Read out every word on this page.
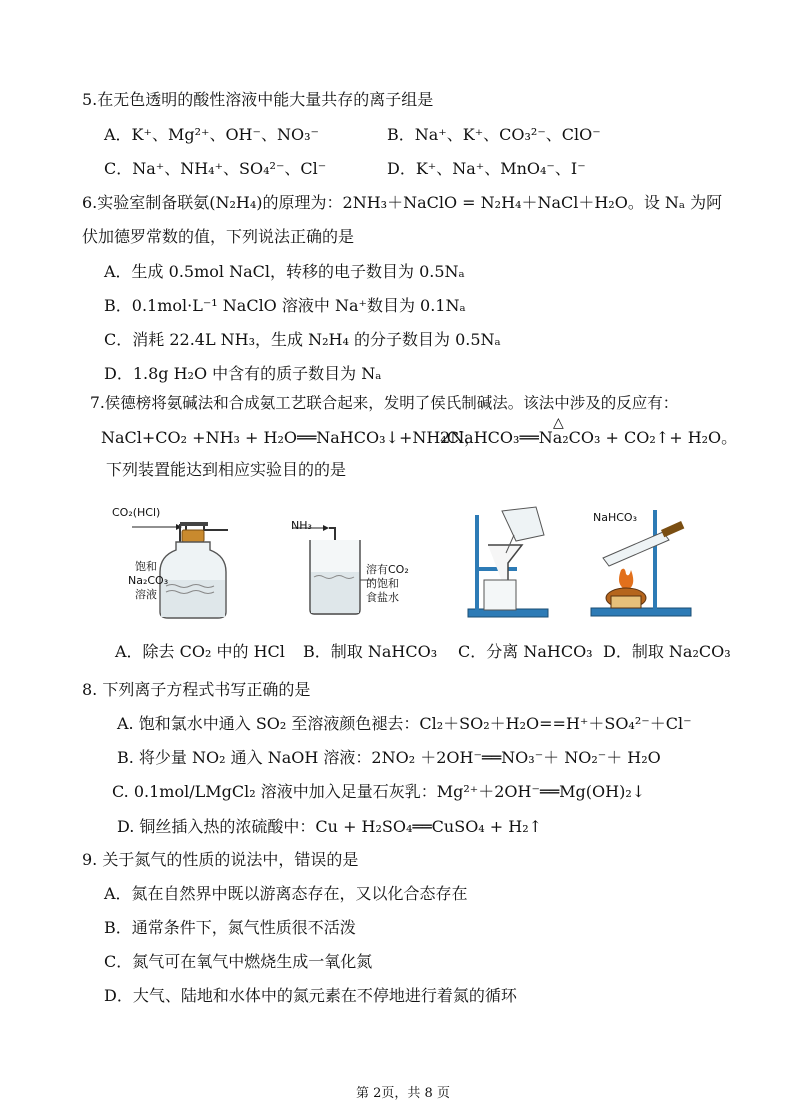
5.在无色透明的酸性溶液中能大量共存的离子组是
A．K⁺、Mg²⁺、OH⁻、NO₃⁻	B．Na⁺、K⁺、CO₃²⁻、ClO⁻
C．Na⁺、NH₄⁺、SO₄²⁻、Cl⁻	D．K⁺、Na⁺、MnO₄⁻、I⁻
6.实验室制备联氨(N₂H₄)的原理为：2NH₃＋NaClO = N₂H₄＋NaCl＋H₂O。设 Nₐ 为阿
伏加德罗常数的值，下列说法正确的是
A．生成 0.5mol NaCl，转移的电子数目为 0.5Nₐ
B．0.1mol·L⁻¹ NaClO 溶液中 Na⁺数目为 0.1Nₐ
C．消耗 22.4L NH₃，生成 N₂H₄ 的分子数目为 0.5Nₐ
D．1.8g H₂O 中含有的质子数目为 Nₐ
7.侯德榜将氨碱法和合成氨工艺联合起来，发明了侯氏制碱法。该法中涉及的反应有：
NaCl+CO₂ +NH₃ + H₂O══NaHCO₃↓+NH₄Cl，
2NaHCO₃══Na₂CO₃ + CO₂↑+ H₂O。
△
下列装置能达到相应实验目的的是
CO₂(HCl)
饱和
Na₂CO₃
溶液
NH₃
溶有CO₂
的饱和
食盐水
NaHCO₃
A．除去 CO₂ 中的 HCl B．制取 NaHCO₃ C．分离 NaHCO₃ D．制取 Na₂CO₃
8. 下列离子方程式书写正确的是
A. 饱和氯水中通入 SO₂ 至溶液颜色褪去：Cl₂＋SO₂＋H₂O==H⁺＋SO₄²⁻＋Cl⁻
B. 将少量 NO₂ 通入 NaOH 溶液：2NO₂ ＋2OH⁻══NO₃⁻＋ NO₂⁻＋ H₂O
C. 0.1mol/LMgCl₂ 溶液中加入足量石灰乳：Mg²⁺＋2OH⁻══Mg(OH)₂↓
D. 铜丝插入热的浓硫酸中：Cu + H₂SO₄══CuSO₄ + H₂↑
9. 关于氮气的性质的说法中，错误的是
A．氮在自然界中既以游离态存在，又以化合态存在
B．通常条件下，氮气性质很不活泼
C．氮气可在氧气中燃烧生成一氧化氮
D．大气、陆地和水体中的氮元素在不停地进行着氮的循环
第 2页，共 8 页
